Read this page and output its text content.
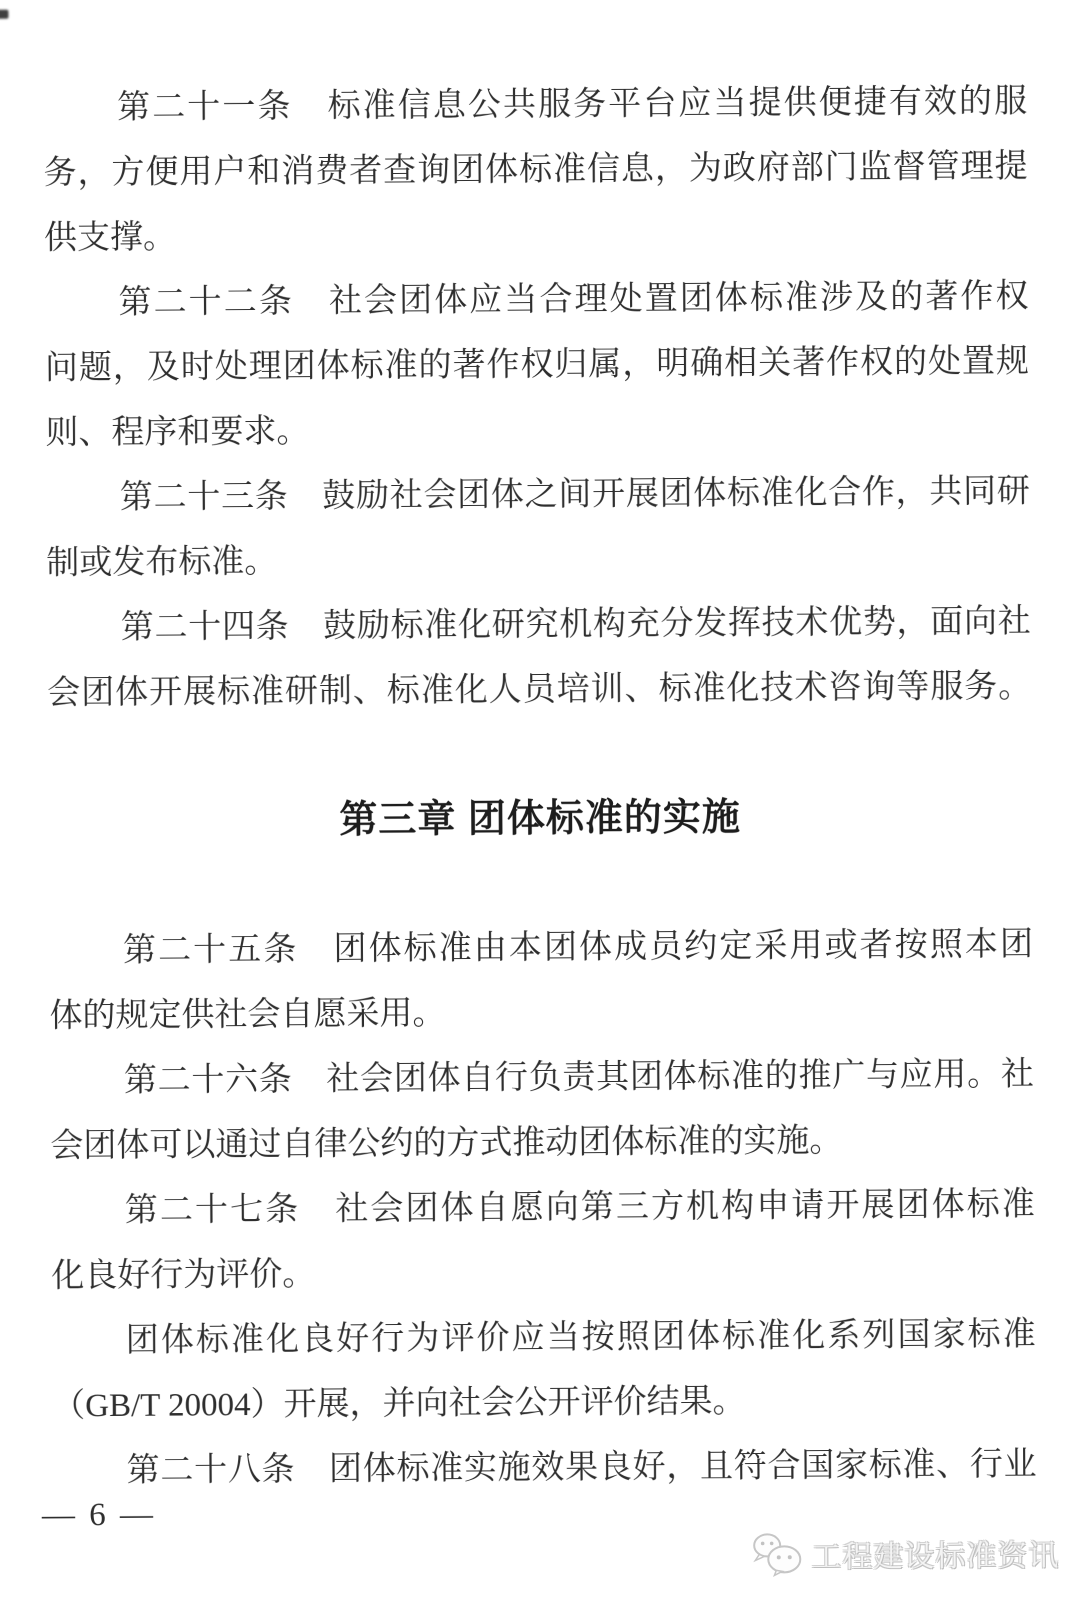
第二十一条　标准信息公共服务平台应当提供便捷有效的服
务，方便用户和消费者查询团体标准信息，为政府部门监督管理提
供支撑。
第二十二条　社会团体应当合理处置团体标准涉及的著作权
问题，及时处理团体标准的著作权归属，明确相关著作权的处置规
则、程序和要求。
第二十三条　鼓励社会团体之间开展团体标准化合作，共同研
制或发布标准。
第二十四条　鼓励标准化研究机构充分发挥技术优势，面向社
会团体开展标准研制、标准化人员培训、标准化技术咨询等服务。
第三章 团体标准的实施
第二十五条　团体标准由本团体成员约定采用或者按照本团
体的规定供社会自愿采用。
第二十六条　社会团体自行负责其团体标准的推广与应用。社
会团体可以通过自律公约的方式推动团体标准的实施。
第二十七条　社会团体自愿向第三方机构申请开展团体标准
化良好行为评价。
团体标准化良好行为评价应当按照团体标准化系列国家标准
（GB/T 20004）开展，并向社会公开评价结果。
第二十八条　团体标准实施效果良好，且符合国家标准、行业
— 6 —
工程建设标准资讯
